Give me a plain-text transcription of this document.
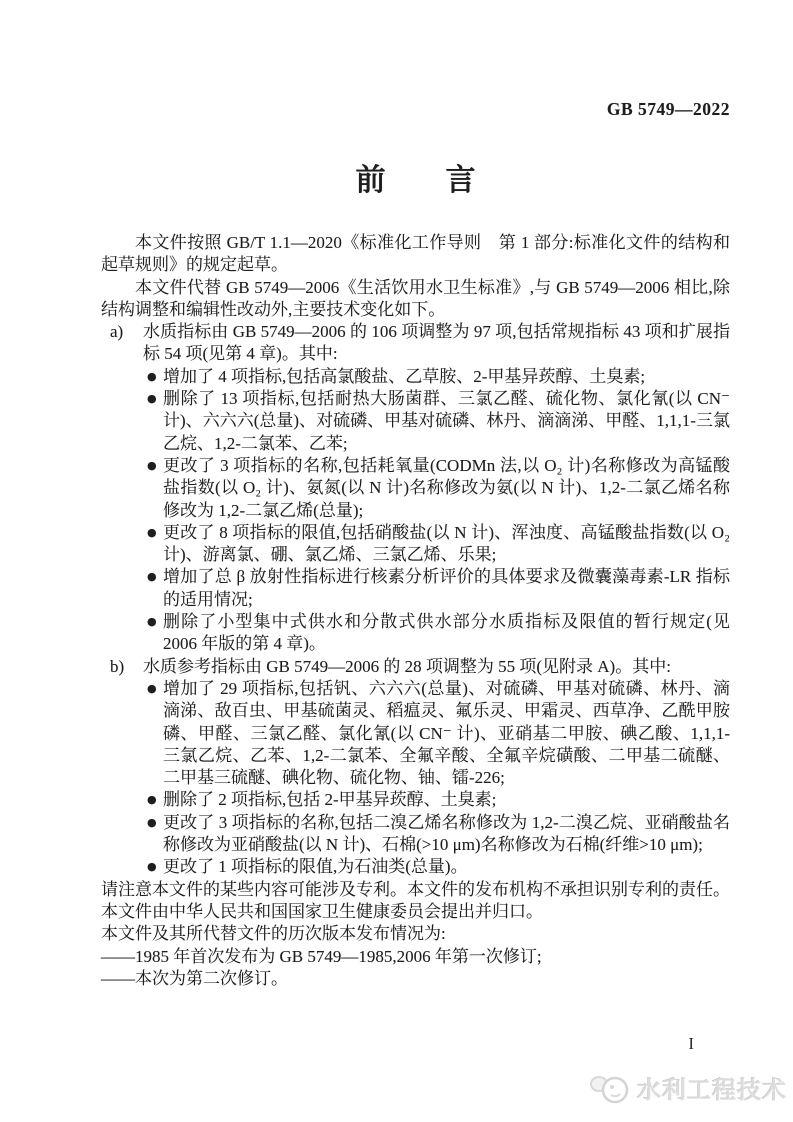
GB 5749—2022
前　　言

本文件按照 GB/T 1.1—2020《标准化工作导则　第 1 部分:标准化文件的结构和起草规则》的规定起草。

本文件代替 GB 5749—2006《生活饮用水卫生标准》,与 GB 5749—2006 相比,除结构调整和编辑性改动外,主要技术变化如下。

a)	水质指标由 GB 5749—2006 的 106 项调整为 97 项,包括常规指标 43 项和扩展指标 54 项(见第 4 章)。其中:
● 增加了 4 项指标,包括高氯酸盐、乙草胺、2-甲基异莰醇、土臭素;
● 删除了 13 项指标,包括耐热大肠菌群、三氯乙醛、硫化物、氯化氰(以 CN⁻ 计)、六六六(总量)、对硫磷、甲基对硫磷、林丹、滴滴涕、甲醛、1,1,1-三氯乙烷、1,2-二氯苯、乙苯;
● 更改了 3 项指标的名称,包括耗氧量(CODMn 法,以 O₂ 计)名称修改为高锰酸盐指数(以 O₂ 计)、氨氮(以 N 计)名称修改为氨(以 N 计)、1,2-二氯乙烯名称修改为 1,2-二氯乙烯(总量);
● 更改了 8 项指标的限值,包括硝酸盐(以 N 计)、浑浊度、高锰酸盐指数(以 O₂ 计)、游离氯、硼、氯乙烯、三氯乙烯、乐果;
● 增加了总 β 放射性指标进行核素分析评价的具体要求及微囊藻毒素-LR 指标的适用情况;
● 删除了小型集中式供水和分散式供水部分水质指标及限值的暂行规定(见 2006 年版的第 4 章)。
b)	水质参考指标由 GB 5749—2006 的 28 项调整为 55 项(见附录 A)。其中:
● 增加了 29 项指标,包括钒、六六六(总量)、对硫磷、甲基对硫磷、林丹、滴滴涕、敌百虫、甲基硫菌灵、稻瘟灵、氟乐灵、甲霜灵、西草净、乙酰甲胺磷、甲醛、三氯乙醛、氯化氰(以 CN⁻ 计)、亚硝基二甲胺、碘乙酸、1,1,1-三氯乙烷、乙苯、1,2-二氯苯、全氟辛酸、全氟辛烷磺酸、二甲基二硫醚、二甲基三硫醚、碘化物、硫化物、铀、镭-226;
● 删除了 2 项指标,包括 2-甲基异莰醇、土臭素;
● 更改了 3 项指标的名称,包括二溴乙烯名称修改为 1,2-二溴乙烷、亚硝酸盐名称修改为亚硝酸盐(以 N 计)、石棉(>10 μm)名称修改为石棉(纤维>10 μm);
● 更改了 1 项指标的限值,为石油类(总量)。

请注意本文件的某些内容可能涉及专利。本文件的发布机构不承担识别专利的责任。

本文件由中华人民共和国国家卫生健康委员会提出并归口。

本文件及其所代替文件的历次版本发布情况为:

——1985 年首次发布为 GB 5749—1985,2006 年第一次修订;

——本次为第二次修订。

I
水利工程技术
